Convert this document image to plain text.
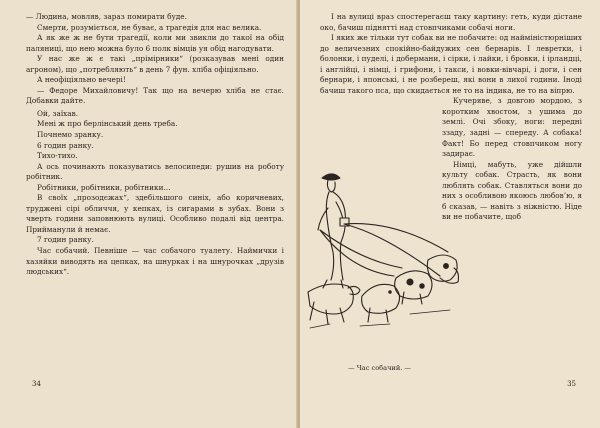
— Людина, мовляв, зараз помирати буде.

Смерти, розуміється, не буває, а трагедія для нас велика.

А як же ж не бути трагедії, коли ми звикли до такої на обід паляниці, що нею можна було 6 полк вімців уя обід нагодувати.

У нас же ж є такі „прімірники“ (розказував мені один агроном), що „потребляють“ в день 7 фун. хліба офіціяльно.

А неофіціяльно вечері!

— Федоре Михайловичу! Так що на вечерю хліба не стає. Добавки дайте.

Ой, заїхав.

Мені ж про берлінський день треба.

Почнемо зранку.

6 годин ранку.

Тихо-тихо.

А ось починають показуватись велосипеди: рушив на роботу робітник.

Робітники, робітники, робітники...

В своїх „прозодєжах“, здебільшого синіх, або коричневих, труджені сірі обличчя, у кепках, із сигарами в зубах. Вони з чверть години заповнюють вулиці. Особливо подалі від центра. Прийманули й немає.

7 годин ранку.

Час собачий. Певніше — час собачого туалету. Наймички і хазяйки виводять на цепках, на шнурках і на шнурочках „друзів людських“.

34

І на вулиці враз спостерегаєш таку картину: геть, куди дістане око, бачиш піднятті над стовпчиками собачі ноги.

І яких же тільки тут собак ви не побачите: од найміністюрніших до величезних спокійно-байдужих сен бернарів. І левретки, і болонки, і пуделі, і добермани, і сірки, і лайки, і бровки, і ірландці, і англійці, і німці, і грифони, і такси, і вовки-вівчарі, і доги, і сен бернари, і японські, і не розбереш, які вони в лихої години. Іноді бачиш такого пса, що скидається не то на індика, не то на віпрю.

Кучерявe, з довгою мордою, з коротким хвостом, з ушима до землі. Очі збоку, ноги: передні ззаду, задні — спереду. А собака! Факт! Бо перед стовпчиком ногу задирає.

Німці, мабуть, уже дійшли культу собак. Страсть, як вони люблять собак. Ставляться вони до них з особливою якоюсь любов’ю, я б сказав, — навіть з ніжністю. Ніде ви не побачите, щоб

— Час собачий. —
35
